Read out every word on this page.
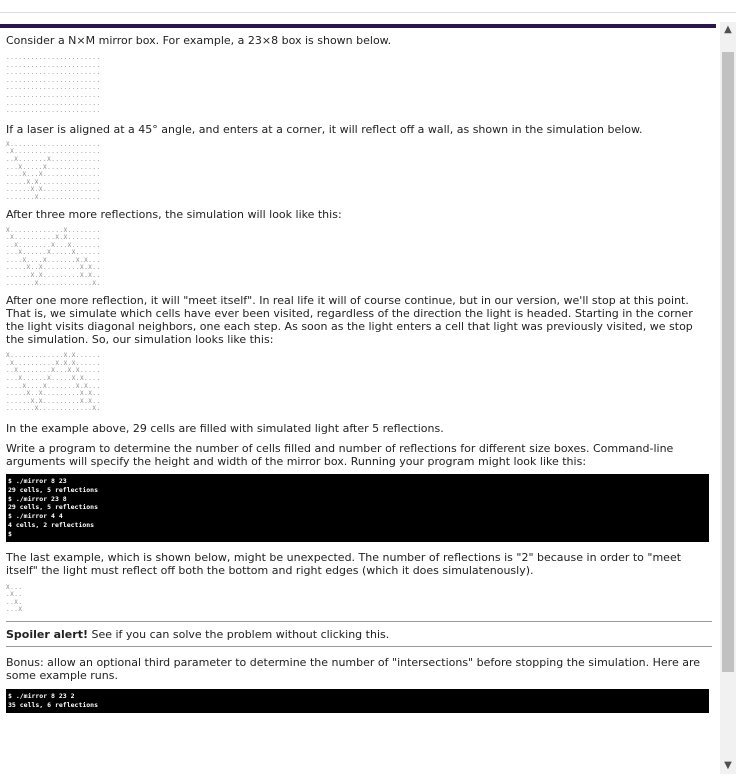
Consider a N×M mirror box. For example, a 23×8 box is shown below.

.......................
.......................
.......................
.......................
.......................
.......................
.......................
.......................

If a laser is aligned at a 45° angle, and enters at a corner, it will reflect off a wall, as shown in the simulation below.

X......................
.X.....................
..X.......X............
...X.....X.............
....X...X..............
.....X.X...............
......X.X..............
.......X...............

After three more reflections, the simulation will look like this:

X.............X........
.X..........X.X........
..X........X...X.......
...X......X.....X......
....X....X.......X.X...
.....X..X.........X.X..
......X.X.........X.X..
.......X.............X.

After one more reflection, it will "meet itself". In real life it will of course continue, but in our version, we'll stop at this point. That is, we simulate which cells have ever been visited, regardless of the direction the light is headed. Starting in the corner the light visits diagonal neighbors, one each step. As soon as the light enters a cell that light was previously visited, we stop the simulation. So, our simulation looks like this:

X.............X.X......
.X..........X.X.X......
..X........X...X.X.....
...X......X.....X.X....
....X....X.......X.X...
.....X..X.........X.X..
......X.X.........X.X..
.......X.............X.

In the example above, 29 cells are filled with simulated light after 5 reflections.

Write a program to determine the number of cells filled and number of reflections for different size boxes. Command-line arguments will specify the height and width of the mirror box. Running your program might look like this:

$ ./mirror 8 23
29 cells, 5 reflections
$ ./mirror 23 8
29 cells, 5 reflections
$ ./mirror 4 4
4 cells, 2 reflections
$

The last example, which is shown below, might be unexpected. The number of reflections is "2" because in order to "meet itself" the light must reflect off both the bottom and right edges (which it does simulatenously).

X...
.X..
..X.
...X

Spoiler alert! See if you can solve the problem without clicking this.

Bonus: allow an optional third parameter to determine the number of "intersections" before stopping the simulation. Here are some example runs.

$ ./mirror 8 23 2
35 cells, 6 reflections
▲
▼
